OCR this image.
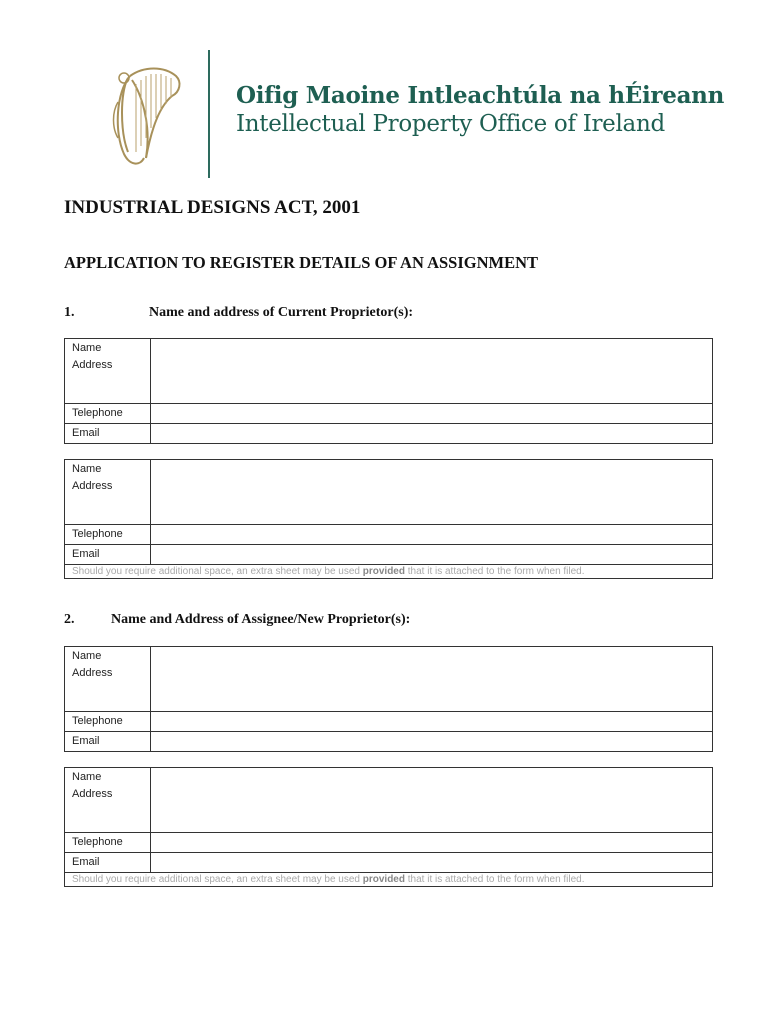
Oifig Maoine Intleachtúla na hÉireann
Intellectual Property Office of Ireland
INDUSTRIAL DESIGNS ACT, 2001
APPLICATION TO REGISTER DETAILS OF AN ASSIGNMENT
1.	Name and address of Current Proprietor(s):
Name
Address
Telephone
Email
Name
Address
Telephone
Email
Should you require additional space, an extra sheet may be used provided that it is attached to the form when filed.
2.	Name and Address of Assignee/New Proprietor(s):
Name
Address
Telephone
Email
Name
Address
Telephone
Email
Should you require additional space, an extra sheet may be used provided that it is attached to the form when filed.
